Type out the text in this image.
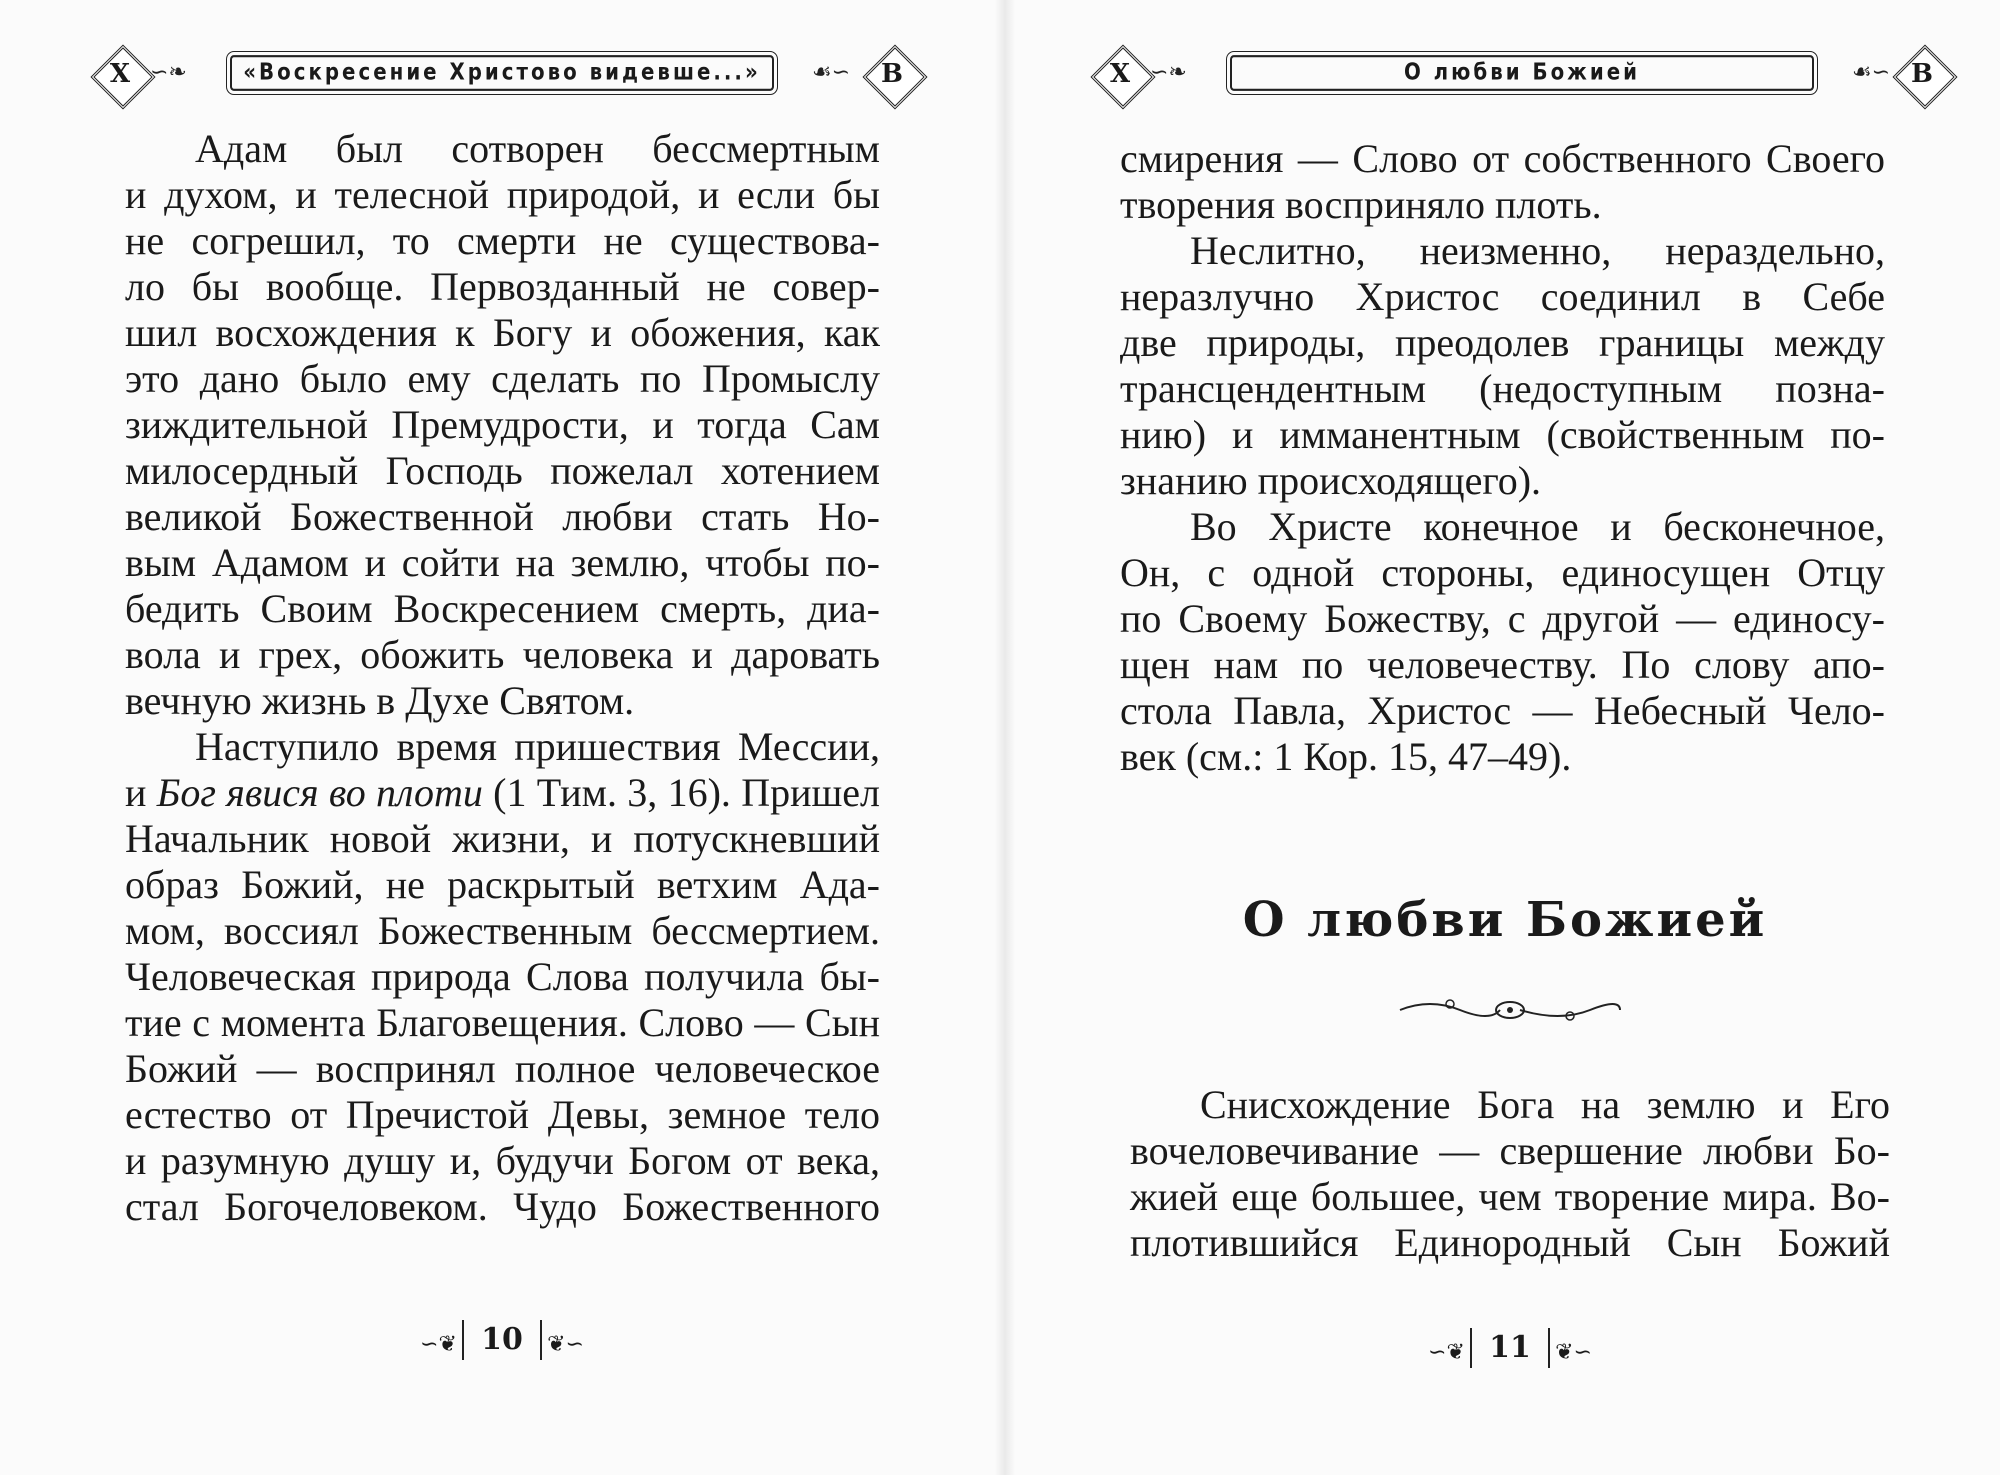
Х ∽❧	«Воскресение Христово видевше...»	☙∽	В
Адам был сотворен бессмертным
и духом, и телесной природой, и если бы
не согрешил, то смерти не существова-
ло бы вообще. Первозданный не совер-
шил восхождения к Богу и обожения, как
это дано было ему сделать по Промыслу
зиждительной Премудрости, и тогда Сам
милосердный Господь пожелал хотением
великой Божественной любви стать Но-
вым Адамом и сойти на землю, чтобы по-
бедить Своим Воскресением смерть, диа-
вола и грех, обожить человека и даровать
вечную жизнь в Духе Святом.
Наступило время пришествия Мессии,
и Бог явися во плоти (1 Тим. 3, 16). Пришел
Начальник новой жизни, и потускневший
образ Божий, не раскрытый ветхим Ада-
мом, воссиял Божественным бессмертием.
Человеческая природа Слова получила бы-
тие с момента Благовещения. Слово — Сын
Божий — воспринял полное человеческое
естество от Пречистой Девы, земное тело
и разумную душу и, будучи Богом от века,
стал Богочеловеком. Чудо Божественного
∽❦ 10 ❦∽
Х ∽❧	О любви Божией	☙∽ В
смирения — Слово от собственного Своего
творения восприняло плоть.
Неслитно, неизменно, нераздельно,
неразлучно Христос соединил в Себе
две природы, преодолев границы между
трансцендентным (недоступным позна-
нию) и имманентным (свойственным по-
знанию происходящего).
Во Христе конечное и бесконечное,
Он, с одной стороны, единосущен Отцу
по Своему Божеству, с другой — единосу-
щен нам по человечеству. По слову апо-
стола Павла, Христос — Небесный Чело-
век (см.: 1 Кор. 15, 47–49).
О любви Божией
Снисхождение Бога на землю и Его
вочеловечивание — свершение любви Бо-
жией еще большее, чем творение мира. Во-
плотившийся Единородный Сын Божий
∽❦ 11 ❦∽
